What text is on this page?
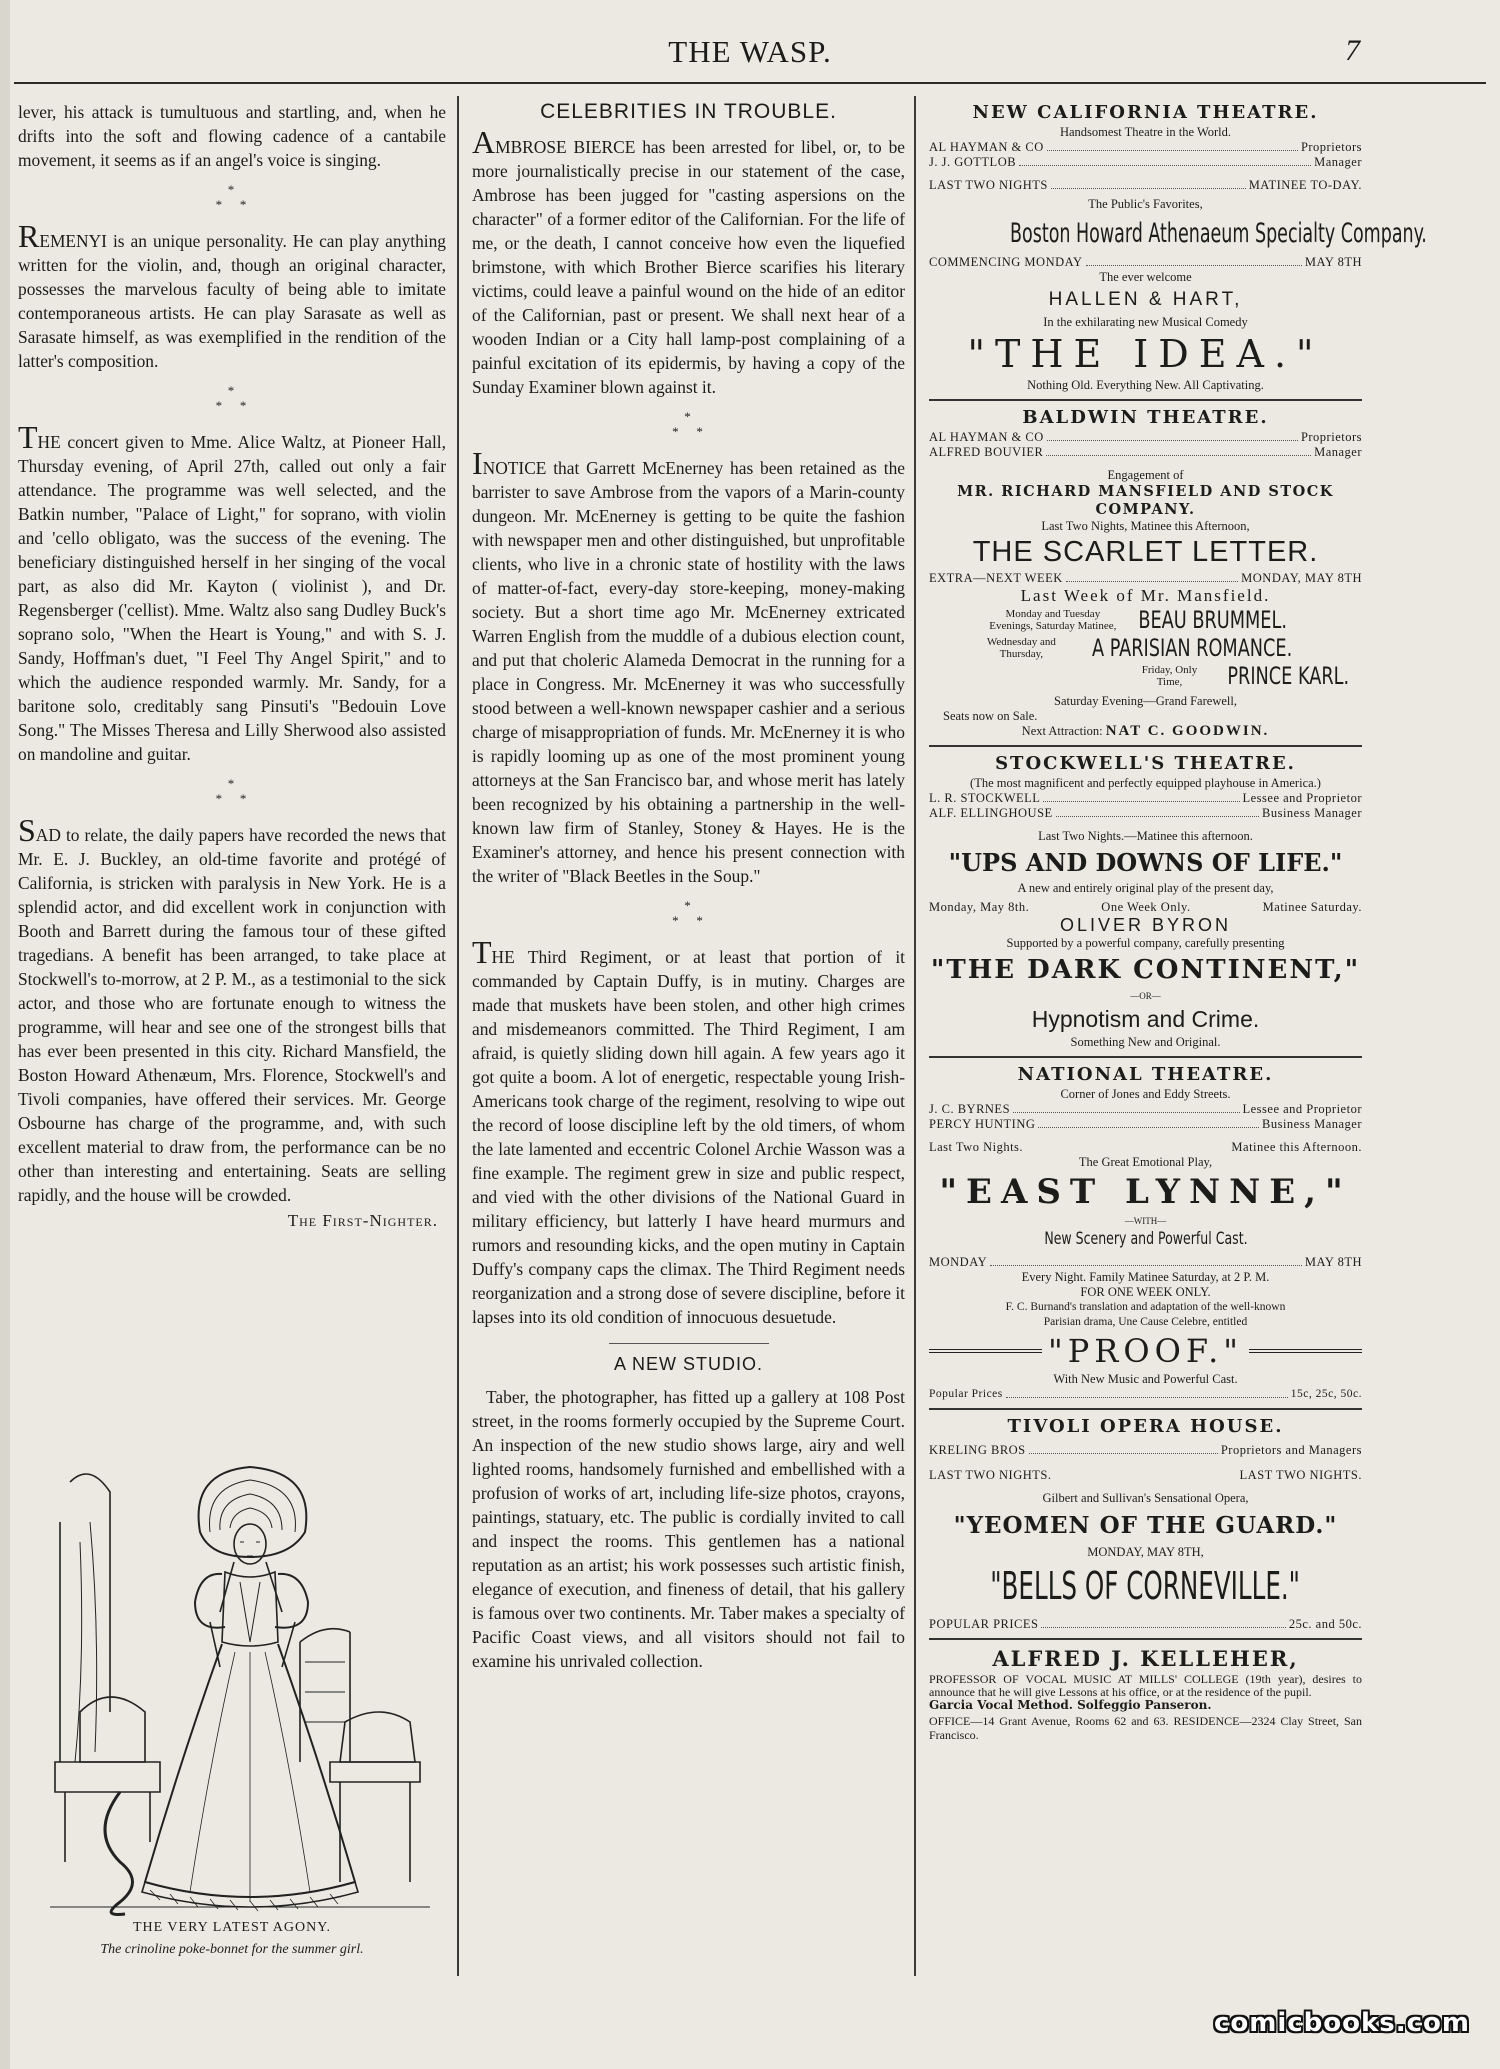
THE WASP.	7

lever, his attack is tumultuous and startling, and, when he drifts into the soft and flowing cadence of a cantabile movement, it seems as if an angel's voice is singing.

*
*   *

REMENYI is an unique personality. He can play anything written for the violin, and, though an original character, possesses the marvelous faculty of being able to imitate contemporaneous artists. He can play Sarasate as well as Sarasate himself, as was exemplified in the rendition of the latter's composition.

*
*   *

THE concert given to Mme. Alice Waltz, at Pioneer Hall, Thursday evening, of April 27th, called out only a fair attendance. The programme was well selected, and the Batkin number, "Palace of Light," for soprano, with violin and 'cello obligato, was the success of the evening. The beneficiary distinguished herself in her singing of the vocal part, as also did Mr. Kayton ( violinist ), and Dr. Regensberger ('cellist). Mme. Waltz also sang Dudley Buck's soprano solo, "When the Heart is Young," and with S. J. Sandy, Hoffman's duet, "I Feel Thy Angel Spirit," and to which the audience responded warmly. Mr. Sandy, for a baritone solo, creditably sang Pinsuti's "Bedouin Love Song." The Misses Theresa and Lilly Sherwood also assisted on mandoline and guitar.

*
*   *

SAD to relate, the daily papers have recorded the news that Mr. E. J. Buckley, an old-time favorite and protégé of California, is stricken with paralysis in New York. He is a splendid actor, and did excellent work in conjunction with Booth and Barrett during the famous tour of these gifted tragedians. A benefit has been arranged, to take place at Stockwell's to-morrow, at 2 P. M., as a testimonial to the sick actor, and those who are fortunate enough to witness the programme, will hear and see one of the strongest bills that has ever been presented in this city. Richard Mansfield, the Boston Howard Athenæum, Mrs. Florence, Stockwell's and Tivoli companies, have offered their services. Mr. George Osbourne has charge of the programme, and, with such excellent material to draw from, the performance can be no other than interesting and entertaining. Seats are selling rapidly, and the house will be crowded.

The First-Nighter.
THE VERY LATEST AGONY.
The crinoline poke-bonnet for the summer girl.
CELEBRITIES IN TROUBLE.

AMBROSE BIERCE has been arrested for libel, or, to be more journalistically precise in our statement of the case, Ambrose has been jugged for "casting aspersions on the character" of a former editor of the Californian. For the life of me, or the death, I cannot conceive how even the liquefied brimstone, with which Brother Bierce scarifies his literary victims, could leave a painful wound on the hide of an editor of the Californian, past or present. We shall next hear of a wooden Indian or a City hall lamp-post complaining of a painful excitation of its epidermis, by having a copy of the Sunday Examiner blown against it.

*
*   *

INOTICE that Garrett McEnerney has been retained as the barrister to save Ambrose from the vapors of a Marin-county dungeon. Mr. McEnerney is getting to be quite the fashion with newspaper men and other distinguished, but unprofitable clients, who live in a chronic state of hostility with the laws of matter-of-fact, every-day store-keeping, money-making society. But a short time ago Mr. McEnerney extricated Warren English from the muddle of a dubious election count, and put that choleric Alameda Democrat in the running for a place in Congress. Mr. McEnerney it was who successfully stood between a well-known newspaper cashier and a serious charge of misappropriation of funds. Mr. McEnerney it is who is rapidly looming up as one of the most prominent young attorneys at the San Francisco bar, and whose merit has lately been recognized by his obtaining a partnership in the well-known law firm of Stanley, Stoney & Hayes. He is the Examiner's attorney, and hence his present connection with the writer of "Black Beetles in the Soup."

*
*   *

THE Third Regiment, or at least that portion of it commanded by Captain Duffy, is in mutiny. Charges are made that muskets have been stolen, and other high crimes and misdemeanors committed. The Third Regiment, I am afraid, is quietly sliding down hill again. A few years ago it got quite a boom. A lot of energetic, respectable young Irish-Americans took charge of the regiment, resolving to wipe out the record of loose discipline left by the old timers, of whom the late lamented and eccentric Colonel Archie Wasson was a fine example. The regiment grew in size and public respect, and vied with the other divisions of the National Guard in military efficiency, but latterly I have heard murmurs and rumors and resounding kicks, and the open mutiny in Captain Duffy's company caps the climax. The Third Regiment needs reorganization and a strong dose of severe discipline, before it lapses into its old condition of innocuous desuetude.

A NEW STUDIO.

Taber, the photographer, has fitted up a gallery at 108 Post street, in the rooms formerly occupied by the Supreme Court. An inspection of the new studio shows large, airy and well lighted rooms, handsomely furnished and embellished with a profusion of works of art, including life-size photos, crayons, paintings, statuary, etc. The public is cordially invited to call and inspect the rooms. This gentlemen has a national reputation as an artist; his work possesses such artistic finish, elegance of execution, and fineness of detail, that his gallery is famous over two continents. Mr. Taber makes a specialty of Pacific Coast views, and all visitors should not fail to examine his unrivaled collection.

NEW CALIFORNIA THEATRE.
Handsomest Theatre in the World.
AL HAYMAN & CO	Proprietors
J. J. GOTTLOB	Manager
LAST TWO NIGHTS	MATINEE TO-DAY.
The Public's Favorites,
Boston Howard Athenaeum Specialty Company.
COMMENCING MONDAY	MAY 8TH
The ever welcome
HALLEN & HART,
In the exhilarating new Musical Comedy
"THE IDEA."
Nothing Old. Everything New. All Captivating.
BALDWIN THEATRE.
AL HAYMAN & CO	Proprietors
ALFRED BOUVIER	Manager
Engagement of
MR. RICHARD MANSFIELD AND STOCK COMPANY.
Last Two Nights, Matinee this Afternoon,
THE SCARLET LETTER.
EXTRA—NEXT WEEK	MONDAY, MAY 8TH
Last Week of Mr. Mansfield.
Monday and Tuesday Evenings, Saturday Matinee, BEAU BRUMMEL.
Wednesday and Thursday,	A PARISIAN ROMANCE.
Friday, Only Time,	PRINCE KARL.
Saturday Evening—Grand Farewell,
Seats now on Sale.
Next Attraction: NAT C. GOODWIN.
STOCKWELL'S THEATRE.
(The most magnificent and perfectly equipped playhouse in America.)
L. R. STOCKWELL	Lessee and Proprietor
ALF. ELLINGHOUSE	Business Manager
Last Two Nights.—Matinee this afternoon.
"UPS AND DOWNS OF LIFE."
A new and entirely original play of the present day,
Monday, May 8th.	One Week Only.	Matinee Saturday.
OLIVER BYRON
Supported by a powerful company, carefully presenting
"THE DARK CONTINENT,"
—OR—
Hypnotism and Crime.
Something New and Original.
NATIONAL THEATRE.
Corner of Jones and Eddy Streets.
J. C. BYRNES	Lessee and Proprietor
PERCY HUNTING	Business Manager
Last Two Nights.	Matinee this Afternoon.
The Great Emotional Play,
"EAST LYNNE,"
—WITH—
New Scenery and Powerful Cast.
MONDAY	MAY 8TH
Every Night. Family Matinee Saturday, at 2 P. M.
FOR ONE WEEK ONLY.
F. C. Burnand's translation and adaptation of the well-known
Parisian drama, Une Cause Celebre, entitled
"PROOF."
With New Music and Powerful Cast.
Popular Prices	15c, 25c, 50c.
TIVOLI OPERA HOUSE.
KRELING BROS	Proprietors and Managers
LAST TWO NIGHTS.	LAST TWO NIGHTS.
Gilbert and Sullivan's Sensational Opera,
"YEOMEN OF THE GUARD."
MONDAY, MAY 8TH,
"BELLS OF CORNEVILLE."
POPULAR PRICES	25c. and 50c.
ALFRED J. KELLEHER,
PROFESSOR OF VOCAL MUSIC AT MILLS' COLLEGE (19th year), desires to announce that he will give Lessons at his office, or at the residence of the pupil.
Garcia Vocal Method. Solfeggio Panseron.
OFFICE—14 Grant Avenue, Rooms 62 and 63. RESIDENCE—2324 Clay Street, San Francisco.
comicbooks.com
